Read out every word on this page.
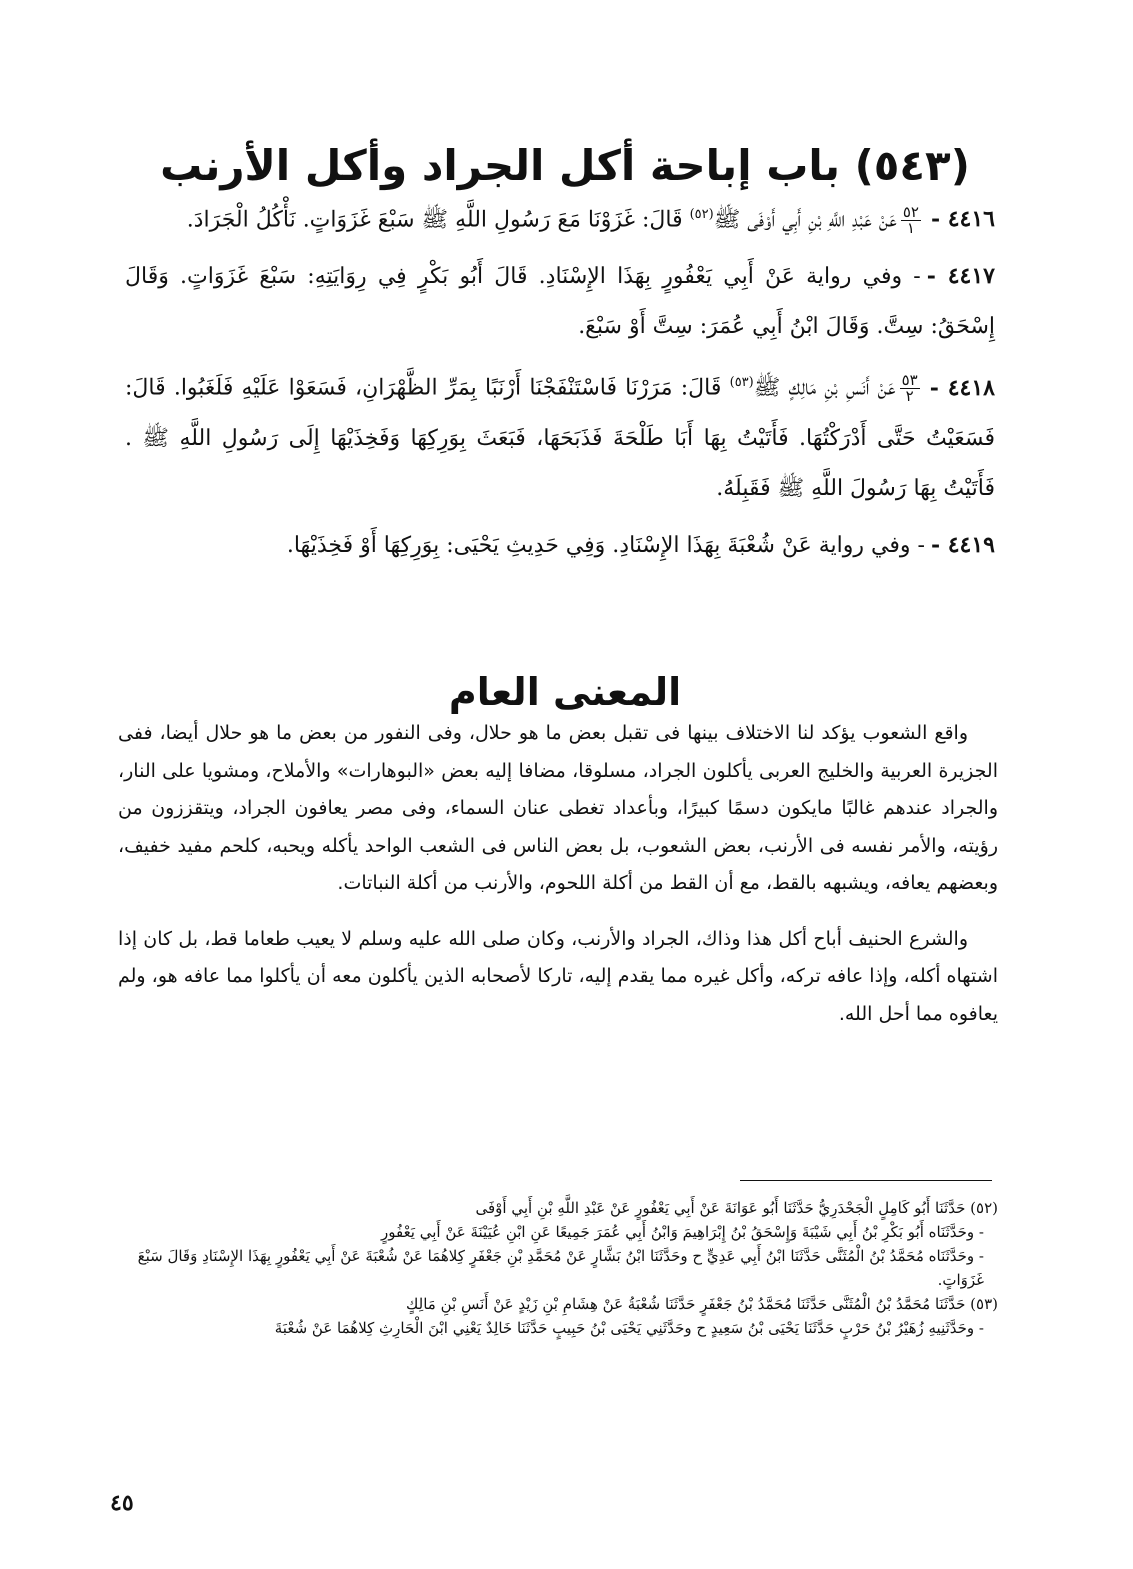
(٥٤٣) باب إباحة أكل الجراد وأكل الأرنب

٤٤١٦ -
$\frac{٥٢}{١}$
عَنْ عَبْدِ اللَّهِ بْنِ أَبِي أَوْفَى ﷺ$^{(٥٢)}$ قَالَ: غَزَوْنَا مَعَ رَسُولِ اللَّهِ ﷺ سَبْعَ غَزَوَاتٍ. نَأْكُلُ الْجَرَادَ.

٤٤١٧ -- وفي رواية عَنْ أَبِي يَعْفُورٍ بِهَذَا الإِسْنَادِ. قَالَ أَبُو بَكْرٍ فِي رِوَايَتِهِ: سَبْعَ غَزَوَاتٍ. وَقَالَ إِسْحَقُ: سِتَّ. وَقَالَ ابْنُ أَبِي عُمَرَ: سِتَّ أَوْ سَبْعَ.

٤٤١٨ -
$\frac{٥٣}{٢}$
عَنْ أَنَسِ بْنِ مَالِكٍ ﷺ$^{(٥٣)}$ قَالَ: مَرَرْنَا فَاسْتَنْفَجْنَا أَرْنَبًا بِمَرِّ الظَّهْرَانِ، فَسَعَوْا عَلَيْهِ فَلَغَبُوا. قَالَ: فَسَعَيْتُ حَتَّى أَدْرَكْتُهَا. فَأَتَيْتُ بِهَا أَبَا طَلْحَةَ فَذَبَحَهَا، فَبَعَثَ بِوَرِكِهَا وَفَخِذَيْهَا إِلَى رَسُولِ اللَّهِ ﷺ . فَأَتَيْتُ بِهَا رَسُولَ اللَّهِ ﷺ فَقَبِلَهُ.

٤٤١٩ -- وفي رواية عَنْ شُعْبَةَ بِهَذَا الإِسْنَادِ. وَفِي حَدِيثِ يَحْيَى: بِوَرِكِهَا أَوْ فَخِذَيْهَا.

المعنى العام

واقع الشعوب يؤكد لنا الاختلاف بينها فى تقبل بعض ما هو حلال، وفى النفور من بعض ما هو حلال أيضا، ففى الجزيرة العربية والخليج العربى يأكلون الجراد، مسلوقا، مضافا إليه بعض «البوهارات» والأملاح، ومشويا على النار، والجراد عندهم غالبًا مايكون دسمًا كبيرًا، وبأعداد تغطى عنان السماء، وفى مصر يعافون الجراد، ويتقززون من رؤيته، والأمر نفسه فى الأرنب، بعض الشعوب، بل بعض الناس فى الشعب الواحد يأكله ويحبه، كلحم مفيد خفيف، وبعضهم يعافه، ويشبهه بالقط، مع أن القط من أكلة اللحوم، والأرنب من أكلة النباتات.

والشرع الحنيف أباح أكل هذا وذاك، الجراد والأرنب، وكان صلى الله عليه وسلم لا يعيب طعاما قط، بل كان إذا اشتهاه أكله، وإذا عافه تركه، وأكل غيره مما يقدم إليه، تاركا لأصحابه الذين يأكلون معه أن يأكلوا مما عافه هو، ولم يعافوه مما أحل الله.

(٥٢) حَدَّثَنَا أَبُو كَامِلٍ الْجَحْدَرِيُّ حَدَّثَنَا أَبُو عَوَانَةَ عَنْ أَبِي يَعْفُورٍ عَنْ عَبْدِ اللَّهِ بْنِ أَبِي أَوْفَى

- وحَدَّثَنَاه أَبُو بَكْرِ بْنُ أَبِي شَيْبَةَ وَإِسْحَقُ بْنُ إِبْرَاهِيمَ وَابْنُ أَبِي عُمَرَ جَمِيعًا عَنِ ابْنِ عُيَيْنَةَ عَنْ أَبِي يَعْفُورٍ

- وحَدَّثَنَاه مُحَمَّدُ بْنُ الْمُثَنَّى حَدَّثَنَا ابْنُ أَبِي عَدِيٍّ ح وحَدَّثَنَا ابْنُ بَشَّارٍ عَنْ مُحَمَّدِ بْنِ جَعْفَرٍ كِلاهُمَا عَنْ شُعْبَةَ عَنْ أَبِي يَعْفُورٍ بِهَذَا الإِسْنَادِ وَقَالَ سَبْعَ غَزَوَاتٍ.

(٥٣) حَدَّثَنَا مُحَمَّدُ بْنُ الْمُثَنَّى حَدَّثَنَا مُحَمَّدُ بْنُ جَعْفَرٍ حَدَّثَنَا شُعْبَةُ عَنْ هِشَامِ بْنِ زَيْدٍ عَنْ أَنَسِ بْنِ مَالِكٍ

- وحَدَّثَنِيهِ زُهَيْرُ بْنُ حَرْبٍ حَدَّثَنَا يَحْيَى بْنُ سَعِيدٍ ح وحَدَّثَنِي يَحْيَى بْنُ حَبِيبٍ حَدَّثَنَا خَالِدٌ يَعْنِي ابْنَ الْحَارِثِ كِلاهُمَا عَنْ شُعْبَةَ

٤٥
